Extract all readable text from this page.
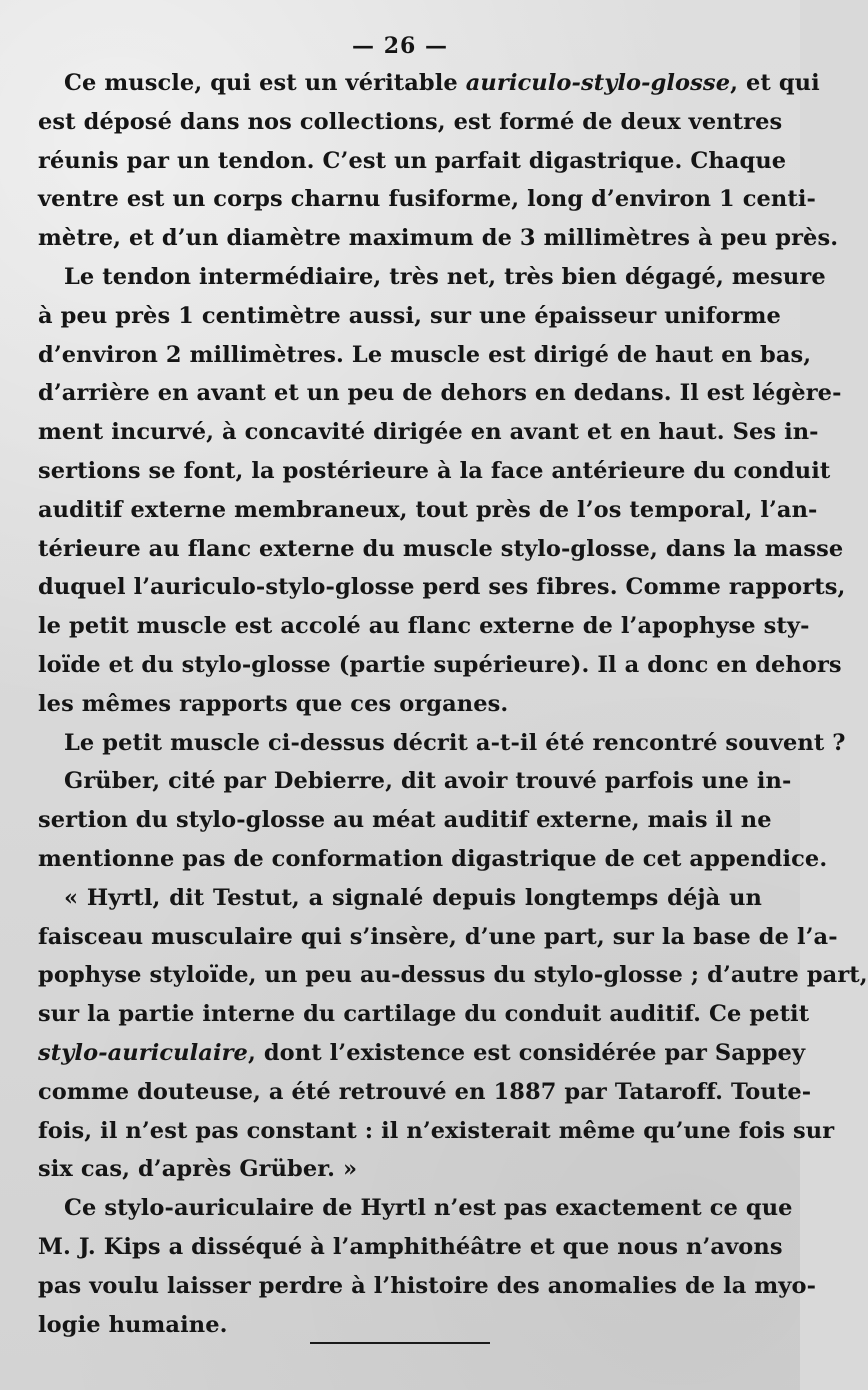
— 26 —
Ce muscle, qui est un véritable auriculo-stylo-glosse, et qui
est déposé dans nos collections, est formé de deux ventres
réunis par un tendon. C’est un parfait digastrique. Chaque
ventre est un corps charnu fusiforme, long d’environ 1 centi-
mètre, et d’un diamètre maximum de 3 millimètres à peu près.
Le tendon intermédiaire, très net, très bien dégagé, mesure
à peu près 1 centimètre aussi, sur une épaisseur uniforme
d’environ 2 millimètres. Le muscle est dirigé de haut en bas,
d’arrière en avant et un peu de dehors en dedans. Il est légère-
ment incurvé, à concavité dirigée en avant et en haut. Ses in-
sertions se font, la postérieure à la face antérieure du conduit
auditif externe membraneux, tout près de l’os temporal, l’an-
térieure au flanc externe du muscle stylo-glosse, dans la masse
duquel l’auriculo-stylo-glosse perd ses fibres. Comme rapports,
le petit muscle est accolé au flanc externe de l’apophyse sty-
loïde et du stylo-glosse (partie supérieure). Il a donc en dehors
les mêmes rapports que ces organes.
Le petit muscle ci-dessus décrit a-t-il été rencontré souvent ?
Grüber, cité par Debierre, dit avoir trouvé parfois une in-
sertion du stylo-glosse au méat auditif externe, mais il ne
mentionne pas de conformation digastrique de cet appendice.
« Hyrtl, dit Testut, a signalé depuis longtemps déjà un
faisceau musculaire qui s’insère, d’une part, sur la base de l’a-
pophyse styloïde, un peu au-dessus du stylo-glosse ; d’autre part,
sur la partie interne du cartilage du conduit auditif. Ce petit
stylo-auriculaire, dont l’existence est considérée par Sappey
comme douteuse, a été retrouvé en 1887 par Tataroff. Toute-
fois, il n’est pas constant : il n’existerait même qu’une fois sur
six cas, d’après Grüber. »
Ce stylo-auriculaire de Hyrtl n’est pas exactement ce que
M. J. Kips a disséqué à l’amphithéâtre et que nous n’avons
pas voulu laisser perdre à l’histoire des anomalies de la myo-
logie humaine.
